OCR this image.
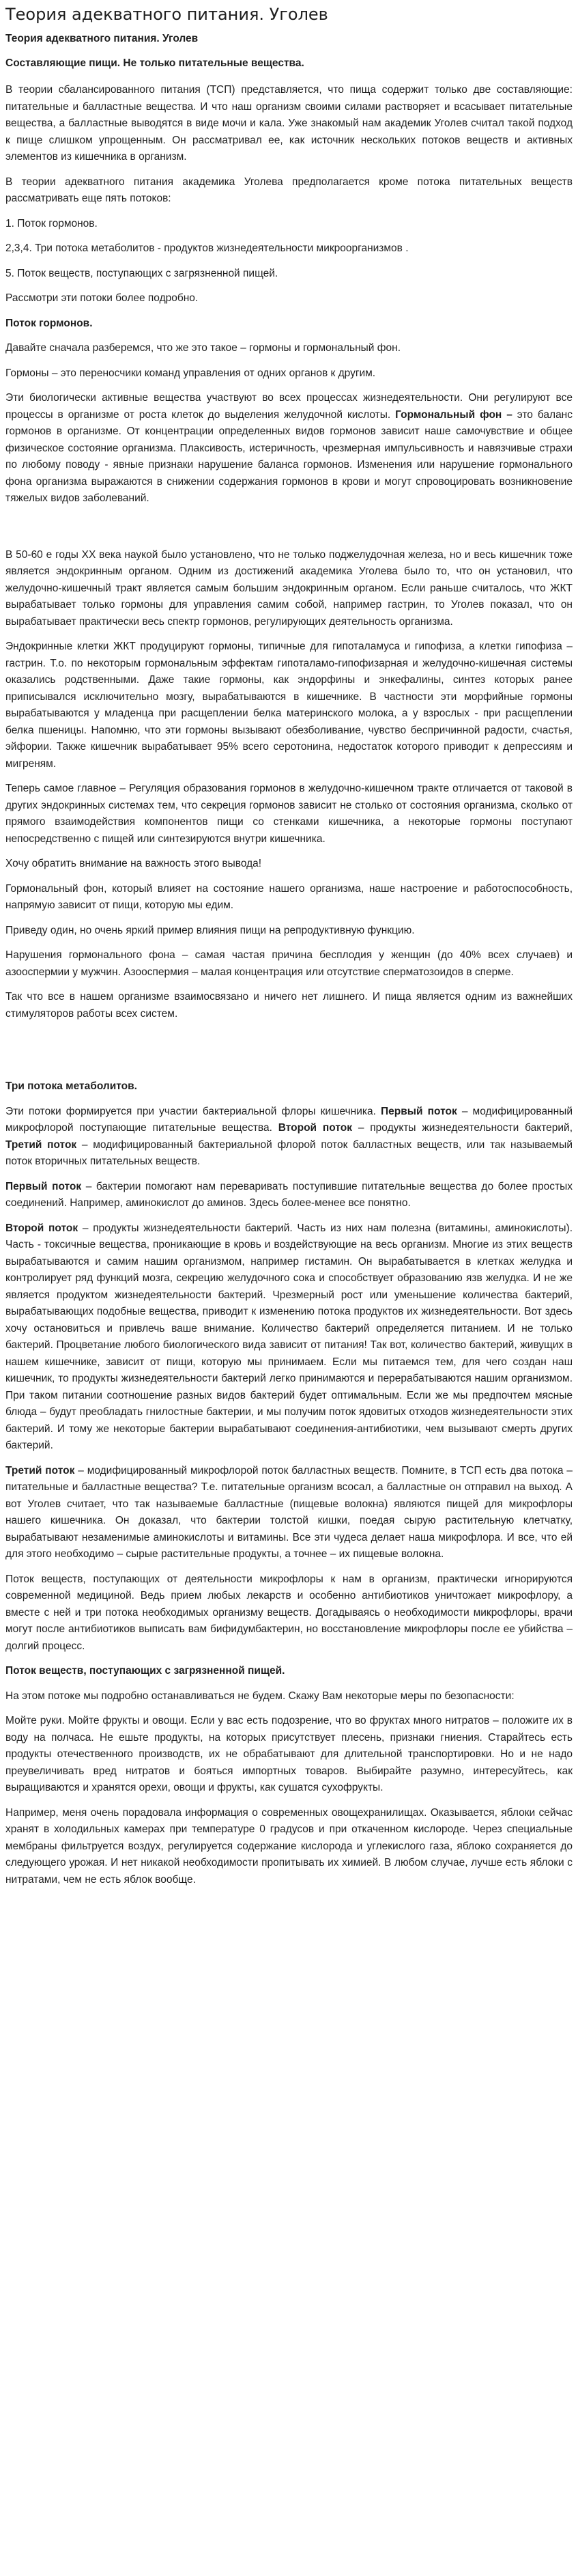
Теория адекватного питания. Уголев
Теория адекватного питания. Уголев
Составляющие пищи. Не только питательные вещества.

В теории сбалансированного питания (ТСП) представляется, что пища содержит только две составляющие: питательные и балластные вещества. И что наш организм своими силами растворяет и всасывает питательные вещества, а балластные выводятся в виде мочи и кала. Уже знакомый нам академик Уголев считал такой подход к пище слишком упрощенным. Он рассматривал ее, как источник нескольких потоков веществ и активных элементов из кишечника в организм.

В теории адекватного питания академика Уголева предполагается кроме потока питательных веществ рассматривать еще пять потоков:

1. Поток гормонов.

2,3,4. Три потока метаболитов - продуктов жизнедеятельности микроорганизмов .

5. Поток веществ, поступающих с загрязненной пищей.

Рассмотри эти потоки более подробно.

Поток гормонов.

Давайте сначала разберемся, что же это такое – гормоны и гормональный фон.

Гормоны – это переносчики команд управления от одних органов к другим.

Эти биологически активные вещества участвуют во всех процессах жизнедеятельности. Они регулируют все процессы в организме от роста клеток до выделения желудочной кислоты. Гормональный фон – это баланс гормонов в организме. От концентрации определенных видов гормонов зависит наше самочувствие и общее физическое состояние организма. Плаксивость, истеричность, чрезмерная импульсивность и навязчивые страхи по любому поводу - явные признаки нарушение баланса гормонов. Изменения или нарушение гормонального фона организма выражаются в снижении содержания гормонов в крови и могут спровоцировать возникновение тяжелых видов заболеваний.

В 50-60 е годы XX века наукой было установлено, что не только поджелудочная железа, но и весь кишечник тоже является эндокринным органом. Одним из достижений академика Уголева было то, что он установил, что желудочно-кишечный тракт является самым большим эндокринным органом. Если раньше считалось, что ЖКТ вырабатывает только гормоны для управления самим собой, например гастрин, то Уголев показал, что он вырабатывает практически весь спектр гормонов, регулирующих деятельность организма.

Эндокринные клетки ЖКТ продуцируют гормоны, типичные для гипоталамуса и гипофиза, а клетки гипофиза – гастрин. Т.о. по некоторым гормональным эффектам гипоталамо-гипофизарная и желудочно-кишечная системы оказались родственными. Даже такие гормоны, как эндорфины и энкефалины, синтез которых ранее приписывался исключительно мозгу, вырабатываются в кишечнике. В частности эти морфийные гормоны вырабатываются у младенца при расщеплении белка материнского молока, а у взрослых - при расщеплении белка пшеницы. Напомню, что эти гормоны вызывают обезболивание, чувство беспричинной радости, счастья, эйфории. Также кишечник вырабатывает 95% всего серотонина, недостаток которого приводит к депрессиям и мигреням.

Теперь самое главное – Регуляция образования гормонов в желудочно-кишечном тракте отличается от таковой в других эндокринных системах тем, что секреция гормонов зависит не столько от состояния организма, сколько от прямого взаимодействия компонентов пищи со стенками кишечника, а некоторые гормоны поступают непосредственно с пищей или синтезируются внутри кишечника.

Хочу обратить внимание на важность этого вывода!

Гормональный фон, который влияет на состояние нашего организма, наше настроение и работоспособность, напрямую зависит от пищи, которую мы едим.

Приведу один, но очень яркий пример влияния пищи на репродуктивную функцию.

Нарушения гормонального фона – самая частая причина бесплодия у женщин (до 40% всех случаев) и азооспермии у мужчин. Азооспермия – малая концентрация или отсутствие сперматозоидов в сперме.

Так что все в нашем организме взаимосвязано и ничего нет лишнего. И пища является одним из важнейших стимуляторов работы всех систем.

Три потока метаболитов.

Эти потоки формируется при участии бактериальной флоры кишечника. Первый поток – модифицированный микрофлорой поступающие питательные вещества. Второй поток – продукты жизнедеятельности бактерий, Третий поток – модифицированный бактериальной флорой поток балластных веществ, или так называемый поток вторичных питательных веществ.

Первый поток – бактерии помогают нам переваривать поступившие питательные вещества до более простых соединений. Например, аминокислот до аминов. Здесь более-менее все понятно.

Второй поток – продукты жизнедеятельности бактерий. Часть из них нам полезна (витамины, аминокислоты). Часть - токсичные вещества, проникающие в кровь и воздействующие на весь организм. Многие из этих веществ вырабатываются и самим нашим организмом, например гистамин. Он вырабатывается в клетках желудка и контролирует ряд функций мозга, секрецию желудочного сока и способствует образованию язв желудка. И не же являетcя продуктом жизнедеятельности бактерий. Чрезмерный рост или уменьшение количества бактерий, вырабатывающих подобные вещества, приводит к изменению потока продуктов их жизнедеятельности. Вот здесь хочу остановиться и привлечь ваше внимание. Количество бактерий определяется питанием. И не только бактерий. Процветание любого биологического вида зависит от питания! Так вот, количество бактерий, живущих в нашем кишечнике, зависит от пищи, которую мы принимаем. Если мы питаемся тем, для чего создан наш кишечник, то продукты жизнедеятельности бактерий легко принимаются и перерабатываются нашим организмом. При таком питании соотношение разных видов бактерий будет оптимальным. Если же мы предпочтем мясные блюда – будут преобладать гнилостные бактерии, и мы получим поток ядовитых отходов жизнедеятельности этих бактерий. И тому же некоторые бактерии вырабатывают соединения-антибиотики, чем вызывают смерть других бактерий.

Третий поток – модифицированный микрофлорой поток балластных веществ. Помните, в ТСП есть два потока – питательные и балластные вещества? Т.е. питательные организм всосал, а балластные он отправил на выход. А вот Уголев считает, что так называемые балластные (пищевые волокна) являются пищей для микрофлоры нашего кишечника. Он доказал, что бактерии толстой кишки, поедая сырую растительную клетчатку, вырабатывают незаменимые аминокислоты и витамины. Все эти чудеса делает наша микрофлора. И все, что ей для этого необходимо – сырые растительные продукты, а точнее – их пищевые волокна.

Поток веществ, поступающих от деятельности микрофлоры к нам в организм, практически игнорируются современной медициной. Ведь прием любых лекарств и особенно антибиотиков уничтожает микрофлору, а вместе с ней и три потока необходимых организму веществ. Догадываясь о необходимости микрофлоры, врачи могут после антибиотиков выписать вам бифидумбактерин, но восстановление микрофлоры после ее убийства – долгий процесс.

Поток веществ, поступающих с загрязненной пищей.

На этом потоке мы подробно останавливаться не будем. Скажу Вам некоторые меры по безопасности:

Мойте руки. Мойте фрукты и овощи. Если у вас есть подозрение, что во фруктах много нитратов – положите их в воду на полчаса. Не ешьте продукты, на которых присутствует плесень, признаки гниения. Старайтесь есть продукты отечественного производств, их не обрабатывают для длительной транспортировки. Но и не надо преувеличивать вред нитратов и бояться импортных товаров. Выбирайте разумно, интересуйтесь, как выращиваются и хранятся орехи, овощи и фрукты, как сушатся сухофрукты.

Например, меня очень порадовала информация о современных овощехранилищах. Оказывается, яблоки сейчас хранят в холодильных камерах при температуре 0 градусов и при откаченном кислороде. Через специальные мембраны фильтруется воздух, регулируется содержание кислорода и углекислого газа, яблоко сохраняется до следующего урожая. И нет никакой необходимости пропитывать их химией. В любом случае, лучше есть яблоки с нитратами, чем не есть яблок вообще.
